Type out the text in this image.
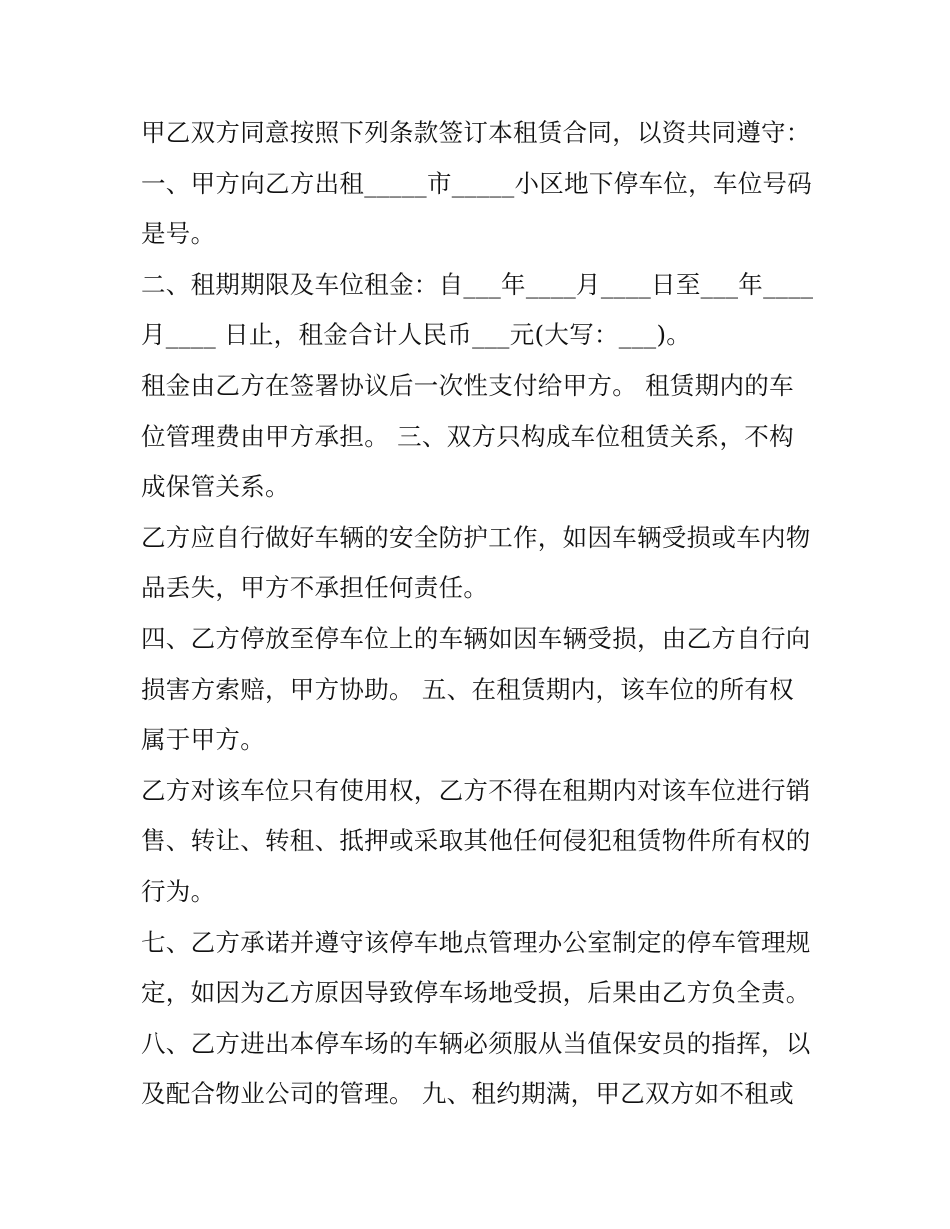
甲乙双方同意按照下列条款签订本租赁合同，以资共同遵守：

一、甲方向乙方出租_____市_____小区地下停车位，车位号码

是号。

二、租期期限及车位租金：自___年____月____日至___年____

月____ 日止，租金合计人民币___元(大写：___)。

租金由乙方在签署协议后一次性支付给甲方。 租赁期内的车

位管理费由甲方承担。 三、双方只构成车位租赁关系，不构

成保管关系。

乙方应自行做好车辆的安全防护工作，如因车辆受损或车内物

品丢失，甲方不承担任何责任。

四、乙方停放至停车位上的车辆如因车辆受损，由乙方自行向

损害方索赔，甲方协助。 五、在租赁期内，该车位的所有权

属于甲方。

乙方对该车位只有使用权，乙方不得在租期内对该车位进行销

售、转让、转租、抵押或采取其他任何侵犯租赁物件所有权的

行为。

七、乙方承诺并遵守该停车地点管理办公室制定的停车管理规

定，如因为乙方原因导致停车场地受损，后果由乙方负全责。

八、乙方进出本停车场的车辆必须服从当值保安员的指挥，以

及配合物业公司的管理。 九、租约期满，甲乙双方如不租或
